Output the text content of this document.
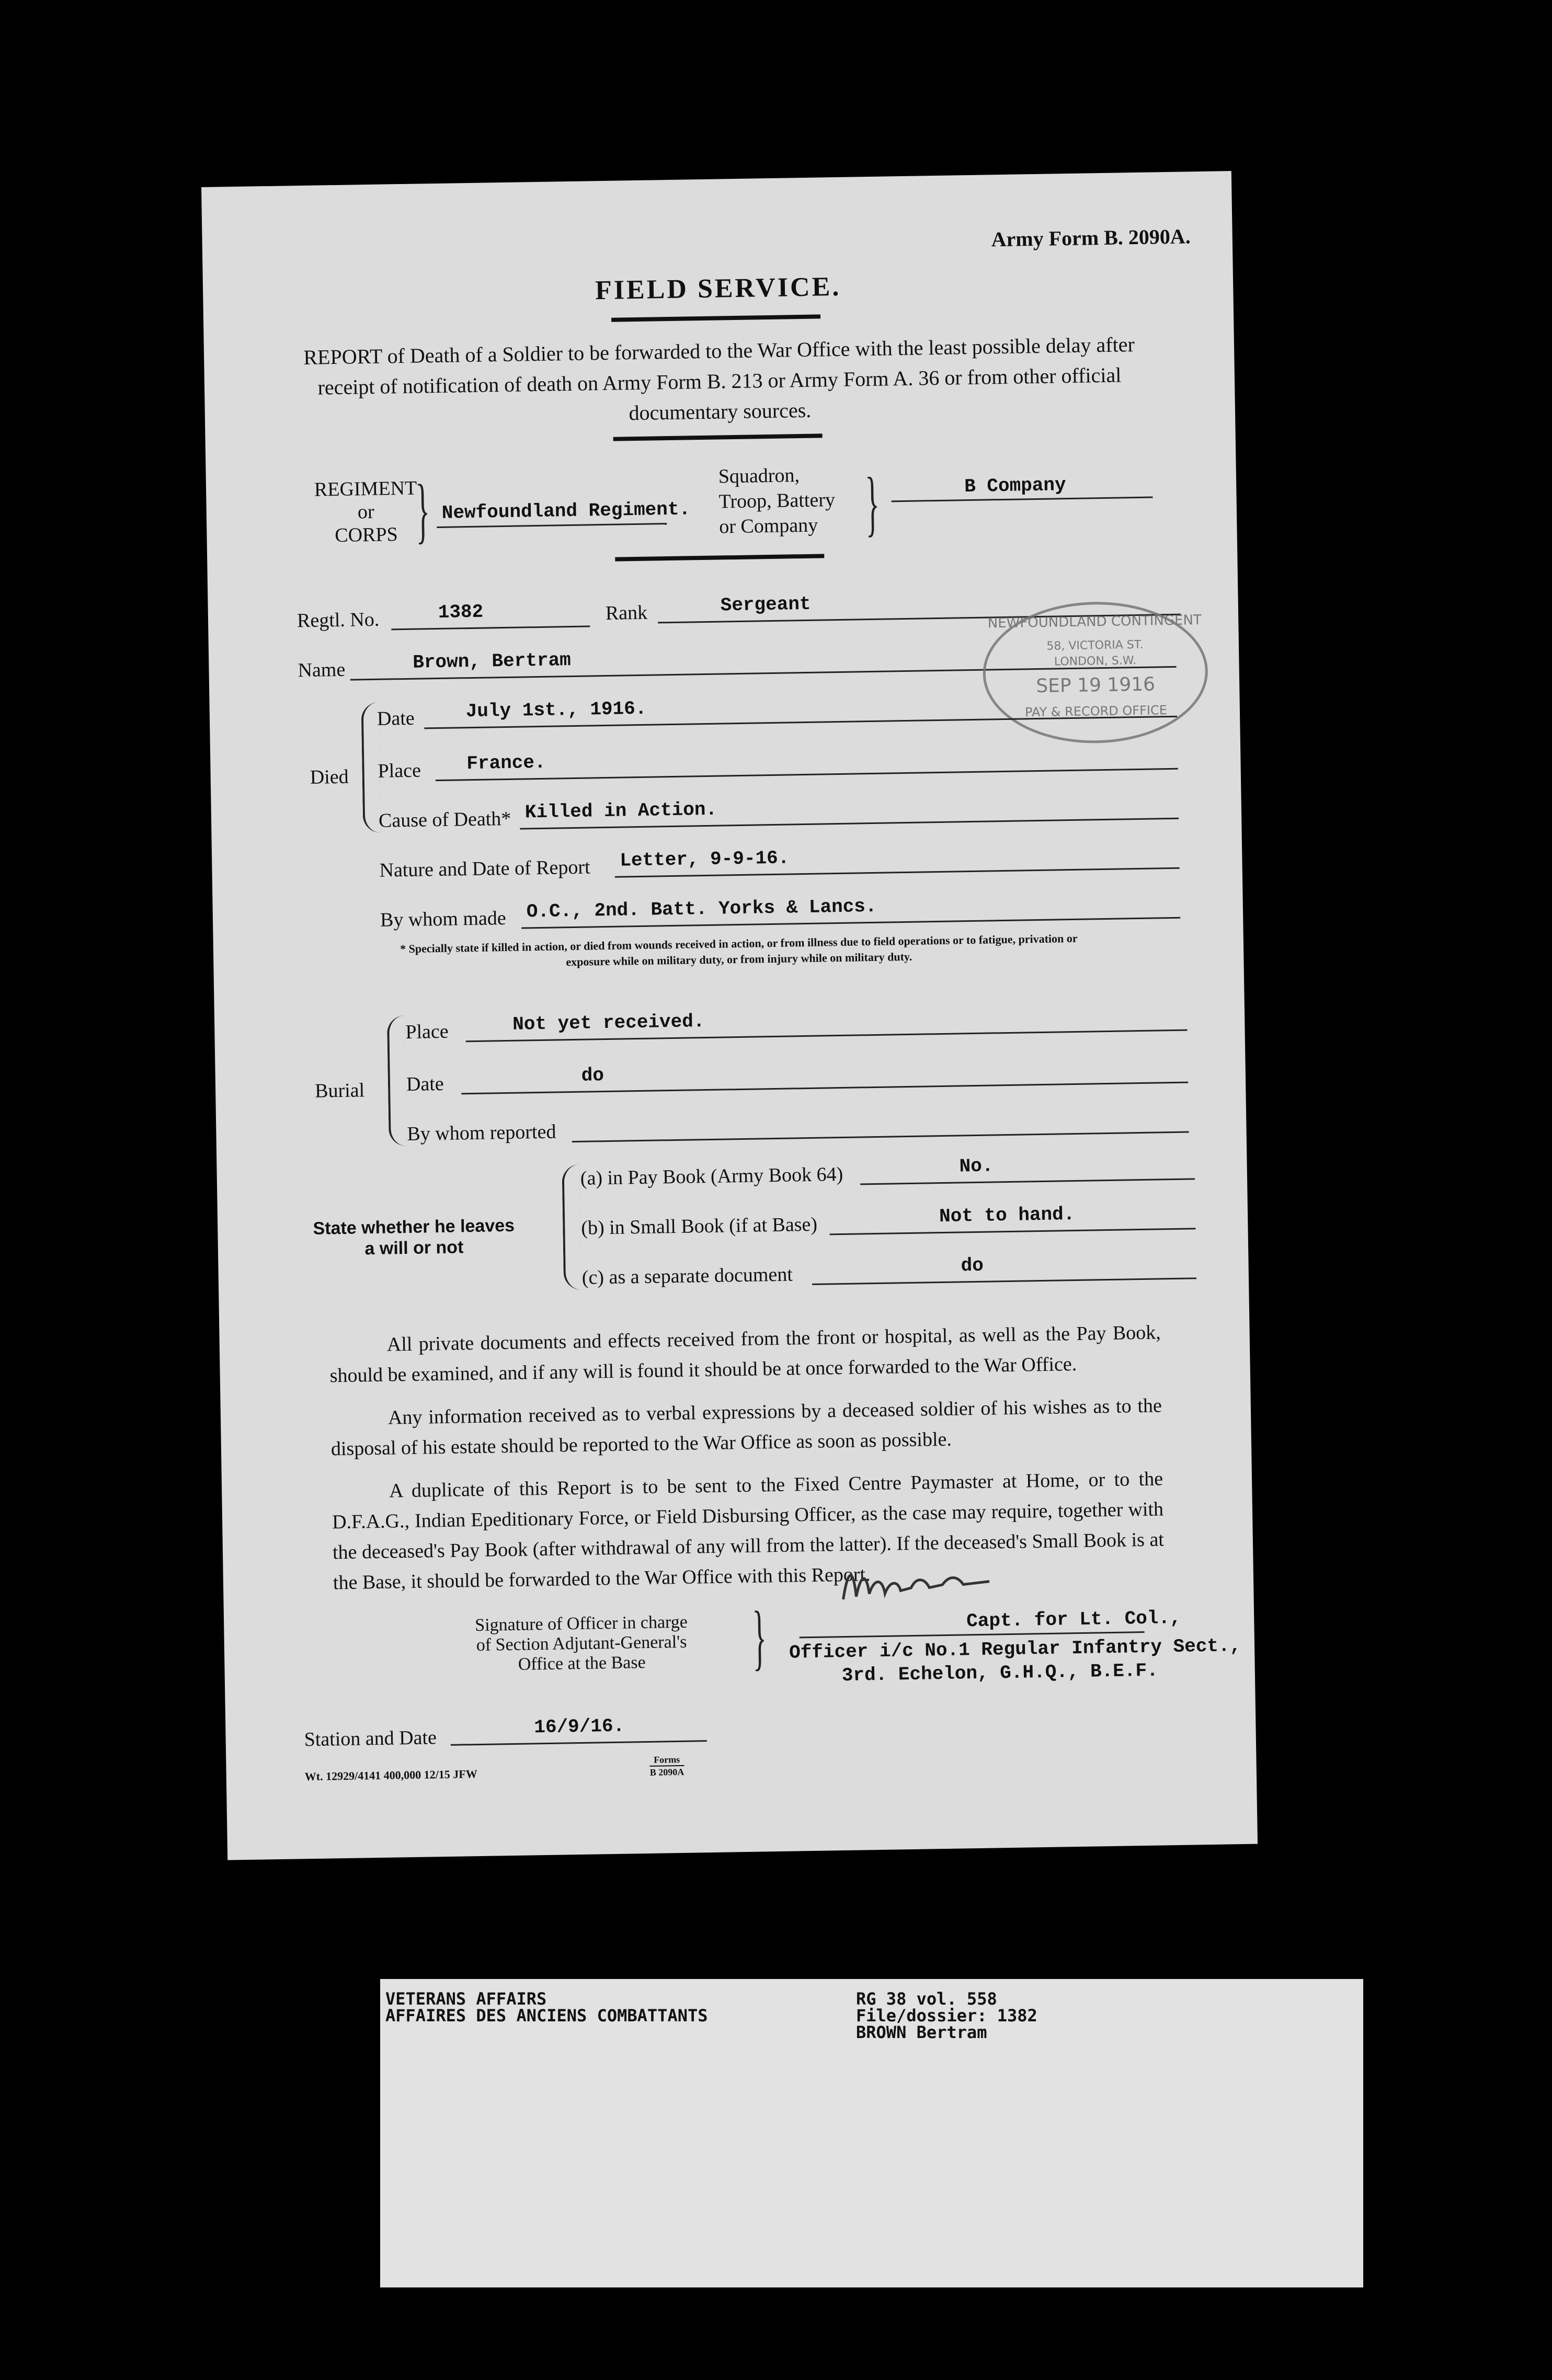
Army Form B. 2090A.
FIELD SERVICE.
REPORT of Death of a Soldier to be forwarded to the War Office with the least possible delay after receipt of notification of death on Army Form B. 213 or Army Form A. 36 or from other official documentary sources.
REGIMENT
or
CORPS } Newfoundland Regiment.
Squadron,
Troop, Battery
or Company }	B Company
Regtl. No.	1382	Rank	Sergeant
Name	Brown, Bertram
NEWFOUNDLAND CONTINGENT
58, VICTORIA ST.
LONDON, S.W.
SEP 19 1916
PAY & RECORD OFFICE
Died
Date	July 1st., 1916.
Place France.
Cause of Death* Killed in Action.
Nature and Date of Report Letter, 9-9-16.
By whom made O.C., 2nd. Batt. Yorks & Lancs.
* Specially state if killed in action, or died from wounds received in action, or from illness due to field operations or to fatigue, privation or
exposure while on military duty, or from injury while on military duty.
Burial
Place	Not yet received.
Date	do
By whom reported
State whether he leaves
a will or not
(a) in Pay Book (Army Book 64)	No.
(b) in Small Book (if at Base)	Not to hand.
(c) as a separate document	do
All private documents and effects received from the front or hospital, as well as the Pay Book, should be examined, and if any will is found it should be at once forwarded to the War Office.
Any information received as to verbal expressions by a deceased soldier of his wishes as to the disposal of his estate should be reported to the War Office as soon as possible.
A duplicate of this Report is to be sent to the Fixed Centre Paymaster at Home, or to the D.F.A.G., Indian Epeditionary Force, or Field Disbursing Officer, as the case may require, together with the deceased's Pay Book (after withdrawal of any will from the latter). If the deceased's Small Book is at the Base, it should be forwarded to the War Office with this Report.
Signature of Officer in charge
of Section Adjutant-General's
Office at the Base	}	Capt. for Lt. Col.,
Officer i/c No.1 Regular Infantry Sect.,
3rd. Echelon, G.H.Q., B.E.F.
Station and Date	16/9/16.
Wt. 12929/4141 400,000 12/15 JFW
Forms
B 2090A
VETERANS AFFAIRS
AFFAIRES DES ANCIENS COMBATTANTS
RG 38 vol. 558
File/dossier: 1382
BROWN Bertram
